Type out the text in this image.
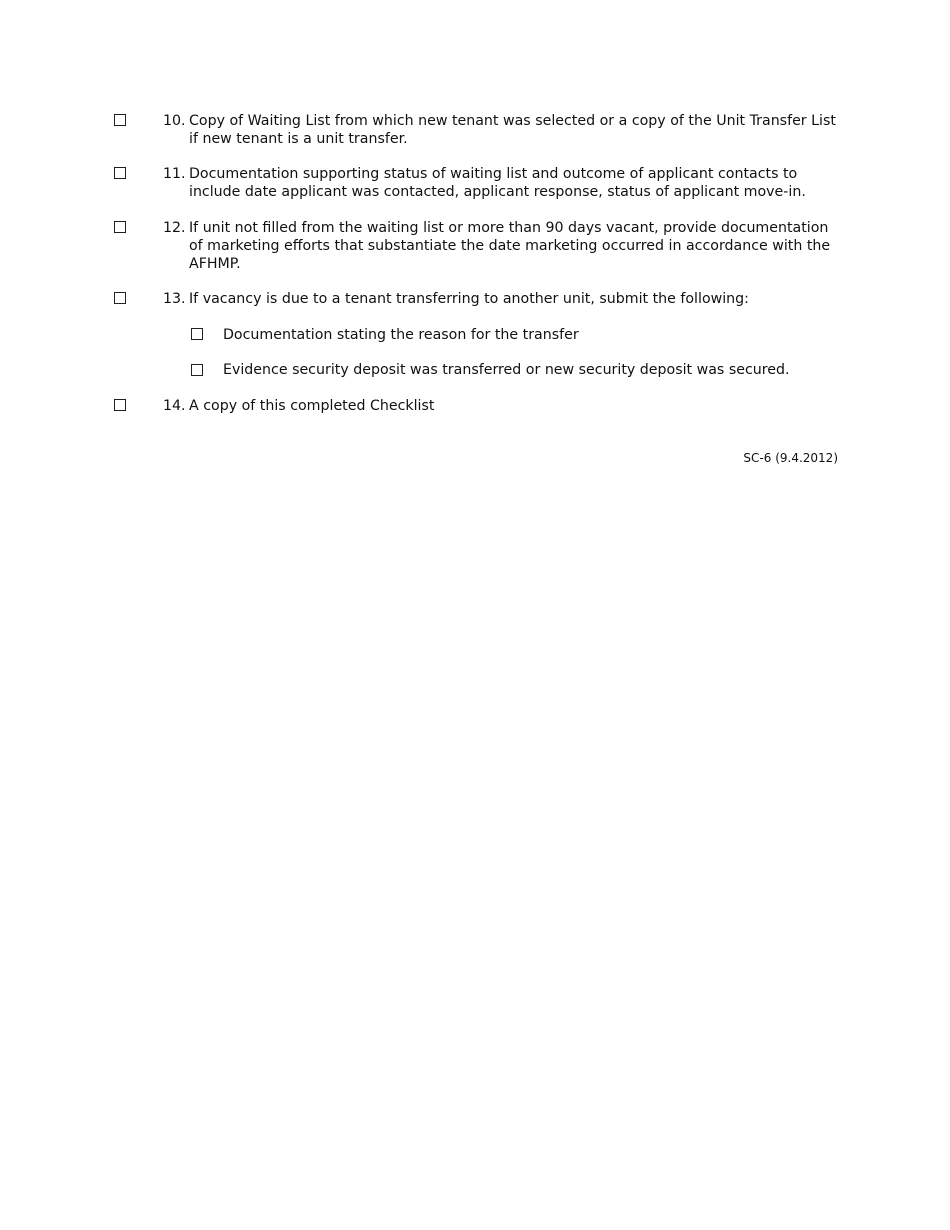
10. Copy of Waiting List from which new tenant was selected or a copy of the Unit Transfer List if new tenant is a unit transfer.
11. Documentation supporting status of waiting list and outcome of applicant contacts to include date applicant was contacted, applicant response, status of applicant move-in.
12. If unit not filled from the waiting list or more than 90 days vacant, provide documentation of marketing efforts that substantiate the date marketing occurred in accordance with the AFHMP.
13. If vacancy is due to a tenant transferring to another unit, submit the following:
Documentation stating the reason for the transfer
Evidence security deposit was transferred or new security deposit was secured.
14. A copy of this completed Checklist
SC-6 (9.4.2012)
